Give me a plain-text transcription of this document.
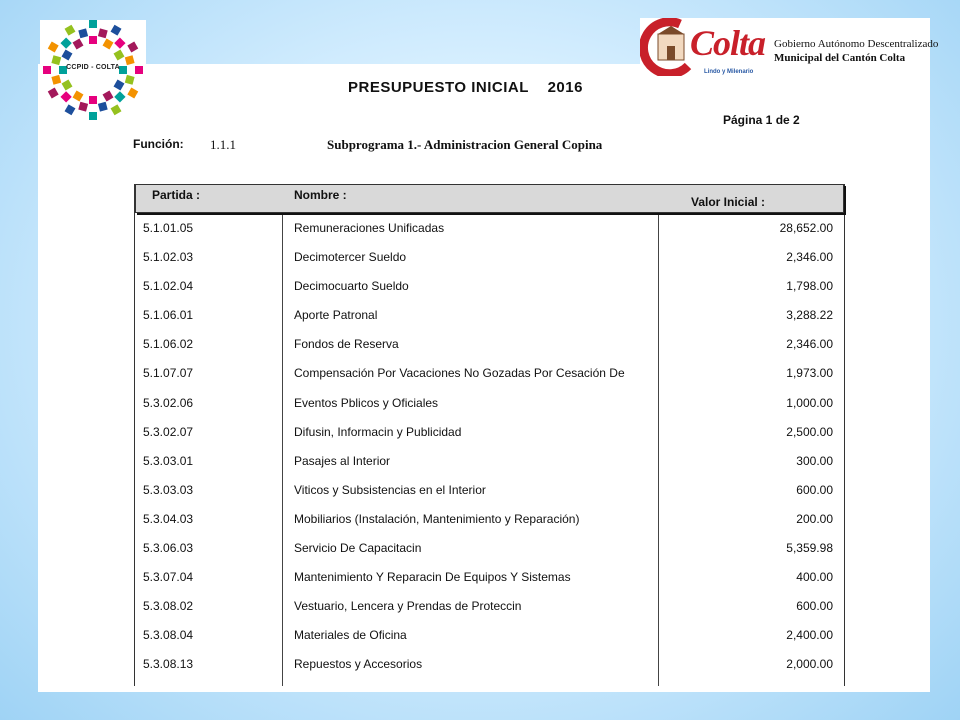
CCPID - COLTA
Colta
Lindo y Milenario
Gobierno Autónomo Descentralizado
Municipal del Cantón Colta
PRESUPUESTO INICIAL 2016
Página 1 de 2
Función: 1.1.1	Subprograma 1.- Administracion General Copina
Partida :	Nombre :	Valor Inicial :
5.1.01.05	Remuneraciones Unificadas	28,652.00
5.1.02.03	Decimotercer Sueldo	2,346.00
5.1.02.04	Decimocuarto Sueldo	1,798.00
5.1.06.01	Aporte Patronal	3,288.22
5.1.06.02	Fondos de Reserva	2,346.00
5.1.07.07	Compensación Por Vacaciones No Gozadas Por Cesación De	1,973.00
5.3.02.06	Eventos Pblicos y Oficiales	1,000.00
5.3.02.07	Difusin, Informacin y Publicidad	2,500.00
5.3.03.01	Pasajes al Interior	300.00
5.3.03.03	Viticos y Subsistencias en el Interior	600.00
5.3.04.03	Mobiliarios (Instalación, Mantenimiento y Reparación)	200.00
5.3.06.03	Servicio De Capacitacin	5,359.98
5.3.07.04	Mantenimiento Y Reparacin De Equipos Y Sistemas	400.00
5.3.08.02	Vestuario, Lencera y Prendas de Proteccin	600.00
5.3.08.04	Materiales de Oficina	2,400.00
5.3.08.13	Repuestos y Accesorios	2,000.00
